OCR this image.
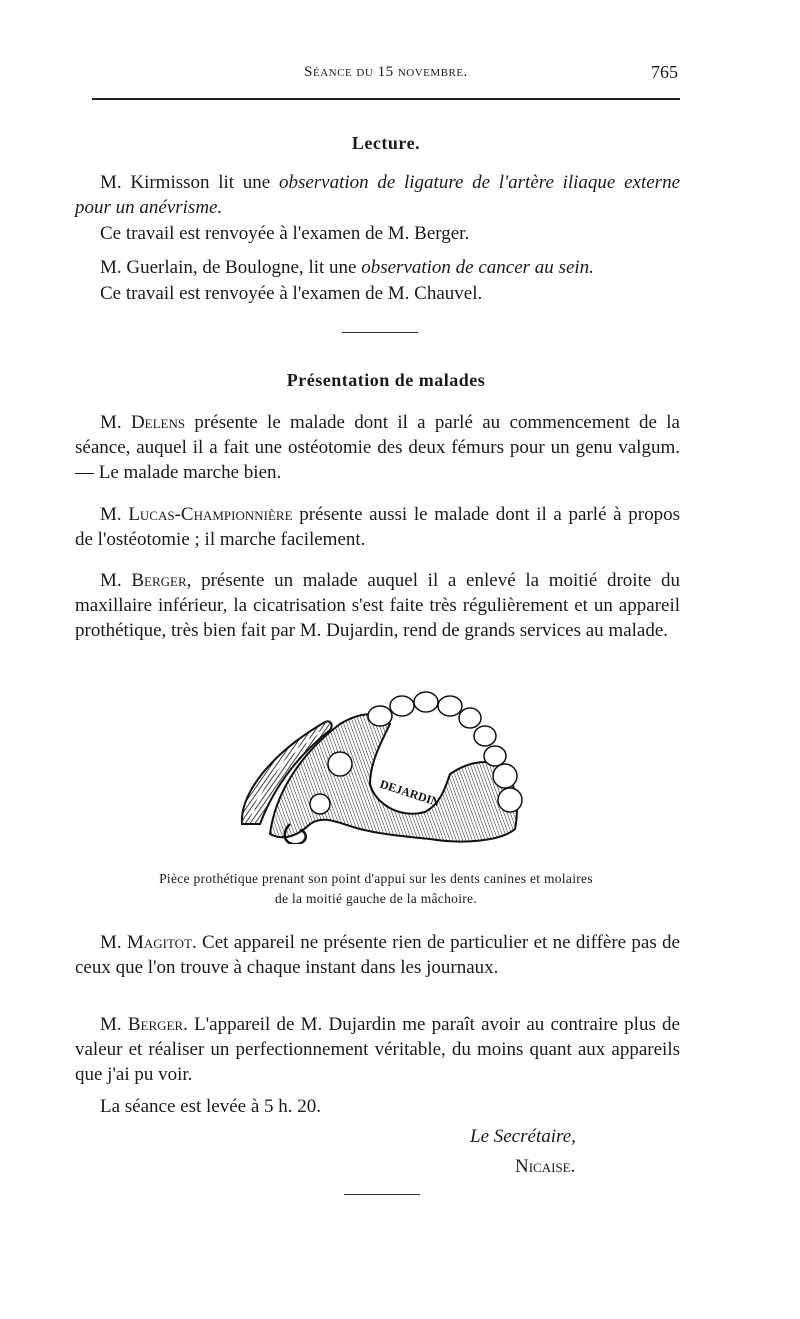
Séance du 15 novembre.	765
Lecture.

M. Kirmisson lit une observation de ligature de l'artère iliaque externe pour un anévrisme.

Ce travail est renvoyée à l'examen de M. Berger.

M. Guerlain, de Boulogne, lit une observation de cancer au sein.

Ce travail est renvoyée à l'examen de M. Chauvel.

Présentation de malades

M. Delens présente le malade dont il a parlé au commencement de la séance, auquel il a fait une ostéotomie des deux fémurs pour un genu valgum. — Le malade marche bien.

M. Lucas-Championnière présente aussi le malade dont il a parlé à propos de l'ostéotomie ; il marche facilement.

M. Berger, présente un malade auquel il a enlevé la moitié droite du maxillaire inférieur, la cicatrisation s'est faite très régulièrement et un appareil prothétique, très bien fait par M. Dujardin, rend de grands services au malade.

DEJARDIN
Pièce prothétique prenant son point d'appui sur les dents canines et molaires
de la moitié gauche de la mâchoire.

M. Magitot. Cet appareil ne présente rien de particulier et ne diffère pas de ceux que l'on trouve à chaque instant dans les journaux.

M. Berger. L'appareil de M. Dujardin me paraît avoir au contraire plus de valeur et réaliser un perfectionnement véritable, du moins quant aux appareils que j'ai pu voir.

La séance est levée à 5 h. 20.

Le Secrétaire,
Nicaise.
